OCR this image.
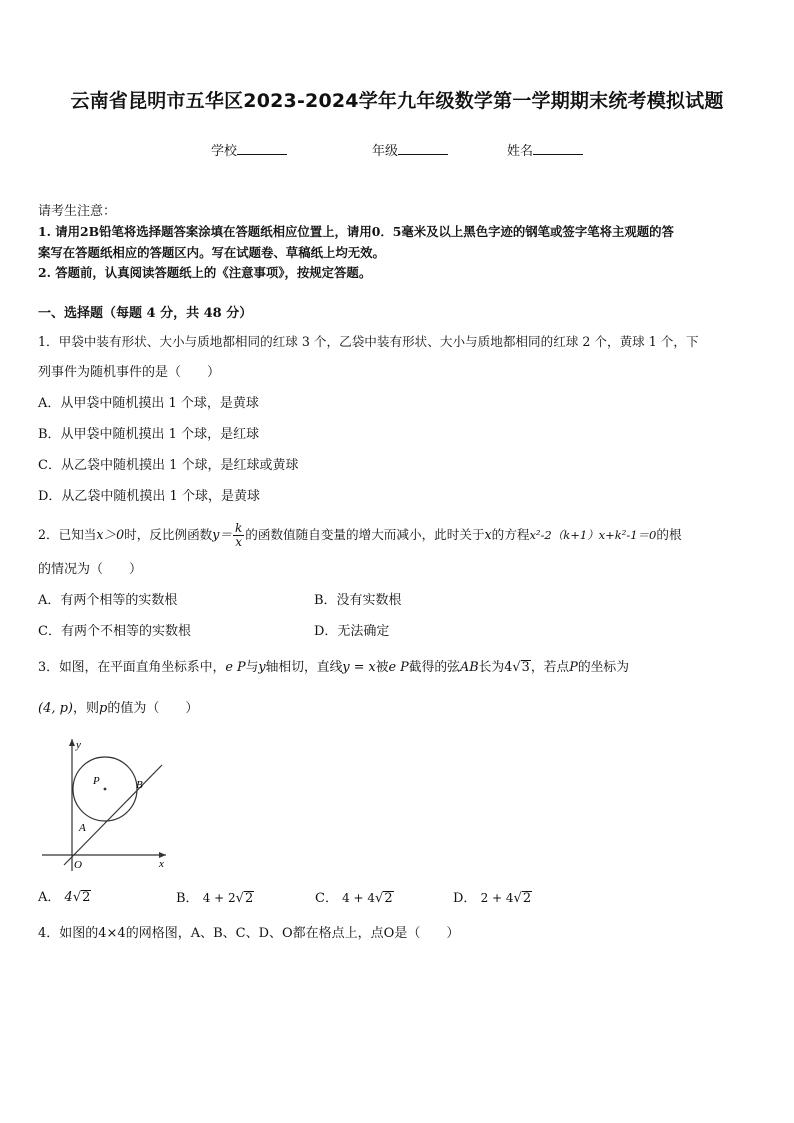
云南省昆明市五华区2023-2024学年九年级数学第一学期期末统考模拟试题
学校	年级	姓名
请考生注意：
1. 请用2B铅笔将选择题答案涂填在答题纸相应位置上，请用0．5毫米及以上黑色字迹的钢笔或签字笔将主观题的答
案写在答题纸相应的答题区内。写在试题卷、草稿纸上均无效。
2. 答题前，认真阅读答题纸上的《注意事项》，按规定答题。
一、选择题（每题 4 分，共 48 分）
1．甲袋中装有形状、大小与质地都相同的红球 3 个，乙袋中装有形状、大小与质地都相同的红球 2 个，黄球 1 个，下
列事件为随机事件的是（　　）
A．从甲袋中随机摸出 1 个球，是黄球
B．从甲袋中随机摸出 1 个球，是红球
C．从乙袋中随机摸出 1 个球，是红球或黄球
D．从乙袋中随机摸出 1 个球，是黄球
2．已知当x＞0时，反比例函数$y= \frac{k}{x}$ 的函数值随自变量的增大而减小，此时关于x的方程x²-2（k+1）x+k²-1＝0的根
的情况为（　　）
A．有两个相等的实数根	B．没有实数根
C．有两个不相等的实数根	D．无法确定
3．如图，在平面直角坐标系中，e P与y轴相切，直线y = x被e P截得的弦AB长为4√3，若点P的坐标为
(4, p)，则p的值为（　　）
P	B
A
O
y
x
A． 4√2	B． 4 + 2√2	C． 4 + 4√2	D． 2 + 4√2
4．如图的4×4的网格图，A、B、C、D、O都在格点上，点O是（　　）
